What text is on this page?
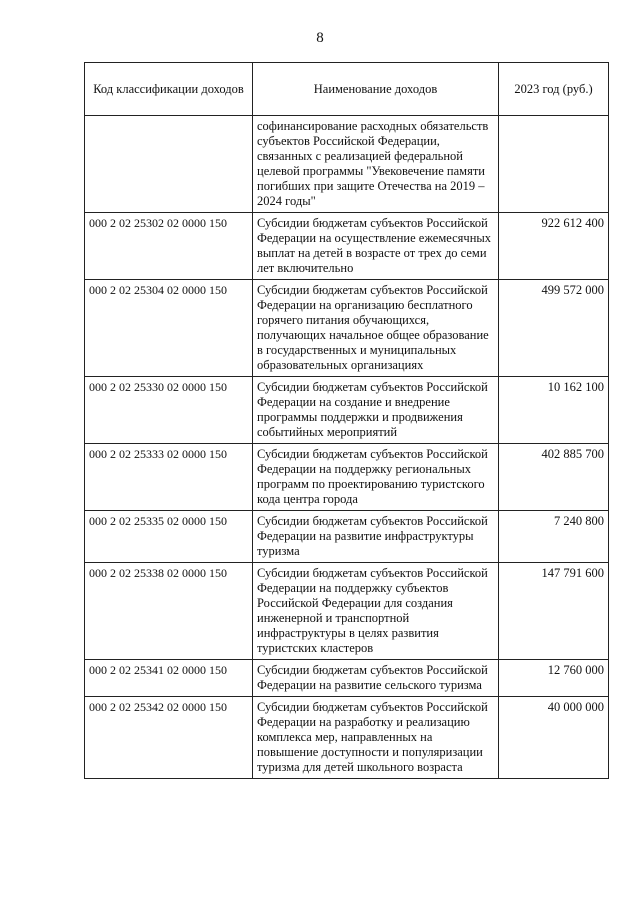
8
Код классификации доходов	Наименование доходов	2023 год (руб.)
	софинансирование расходных обязательств субъектов Российской Федерации, связанных с реализацией федеральной целевой программы "Увековечение памяти погибших при защите Отечества на 2019 – 2024 годы"	
000 2 02 25302 02 0000 150	Субсидии бюджетам субъектов Российской Федерации на осуществление ежемесячных выплат на детей в возрасте от трех до семи лет включительно	922 612 400
000 2 02 25304 02 0000 150	Субсидии бюджетам субъектов Российской Федерации на организацию бесплатного горячего питания обучающихся, получающих начальное общее образование в государственных и муниципальных образовательных организациях	499 572 000
000 2 02 25330 02 0000 150	Субсидии бюджетам субъектов Российской Федерации на создание и внедрение программы поддержки и продвижения событийных мероприятий	10 162 100
000 2 02 25333 02 0000 150	Субсидии бюджетам субъектов Российской Федерации на поддержку региональных программ по проектированию туристского кода центра города	402 885 700
000 2 02 25335 02 0000 150	Субсидии бюджетам субъектов Российской Федерации на развитие инфраструктуры туризма	7 240 800
000 2 02 25338 02 0000 150	Субсидии бюджетам субъектов Российской Федерации на поддержку субъектов Российской Федерации для создания инженерной и транспортной инфраструктуры в целях развития туристских кластеров	147 791 600
000 2 02 25341 02 0000 150	Субсидии бюджетам субъектов Российской Федерации на развитие сельского туризма	12 760 000
000 2 02 25342 02 0000 150	Субсидии бюджетам субъектов Российской Федерации на разработку и реализацию комплекса мер, направленных на повышение доступности и популяризации туризма для детей школьного возраста	40 000 000
